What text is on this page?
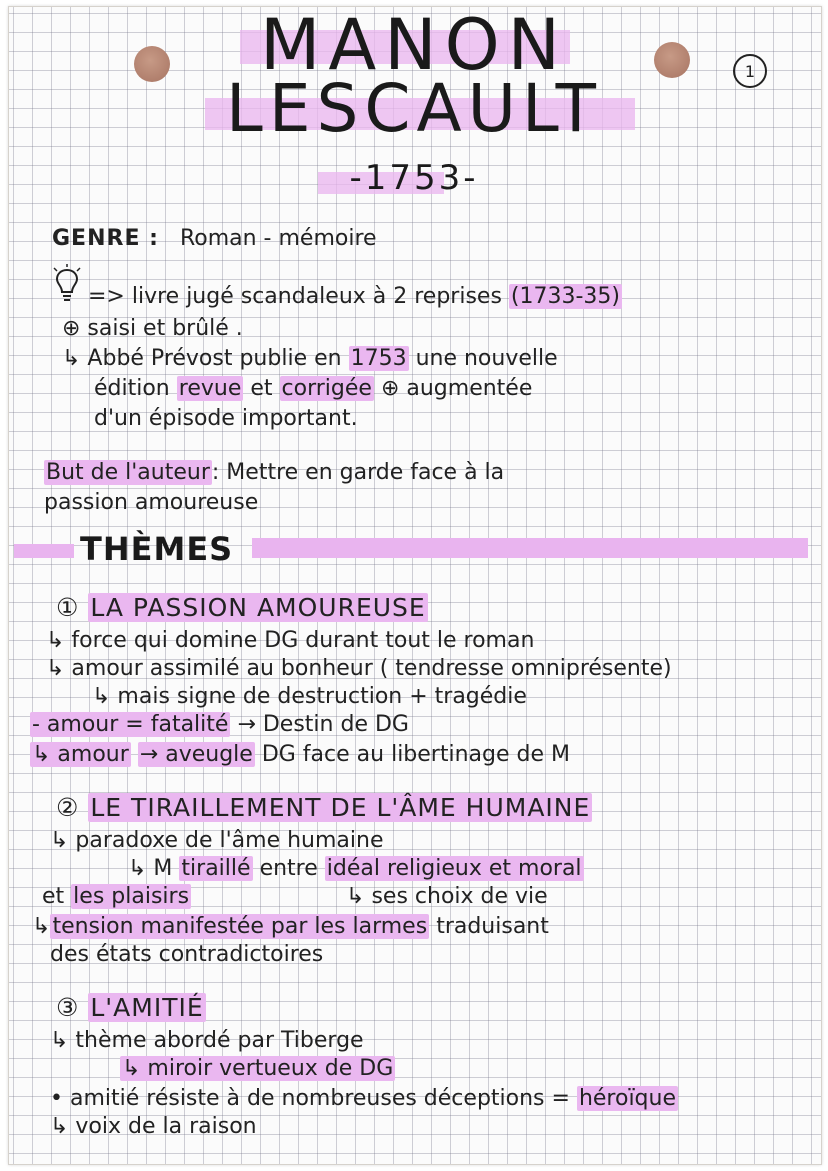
1
MANON
LESCAULT
-1753-
GENRE : Roman - mémoire
=> livre jugé scandaleux à 2 reprises (1733-35)
⊕ saisi et brûlé .
↳ Abbé Prévost publie en 1753 une nouvelle
édition revue et corrigée ⊕ augmentée
d'un épisode important.
But de l'auteur: Mettre en garde face à la
passion amoureuse
THÈMES
① LA PASSION AMOUREUSE
↳ force qui domine DG durant tout le roman
↳ amour assimilé au bonheur ( tendresse omniprésente)
↳ mais signe de destruction + tragédie
- amour = fatalité → Destin de DG
↳ amour → aveugle DG face au libertinage de M
② LE TIRAILLEMENT DE L'ÂME HUMAINE
↳ paradoxe de l'âme humaine
↳ M tiraillé entre idéal religieux et moral
et les plaisirs	↳ ses choix de vie
↳tension manifestée par les larmes traduisant
des états contradictoires
③ L'AMITIÉ
↳ thème abordé par Tiberge
↳ miroir vertueux de DG
• amitié résiste à de nombreuses déceptions = héroïque
↳ voix de la raison
